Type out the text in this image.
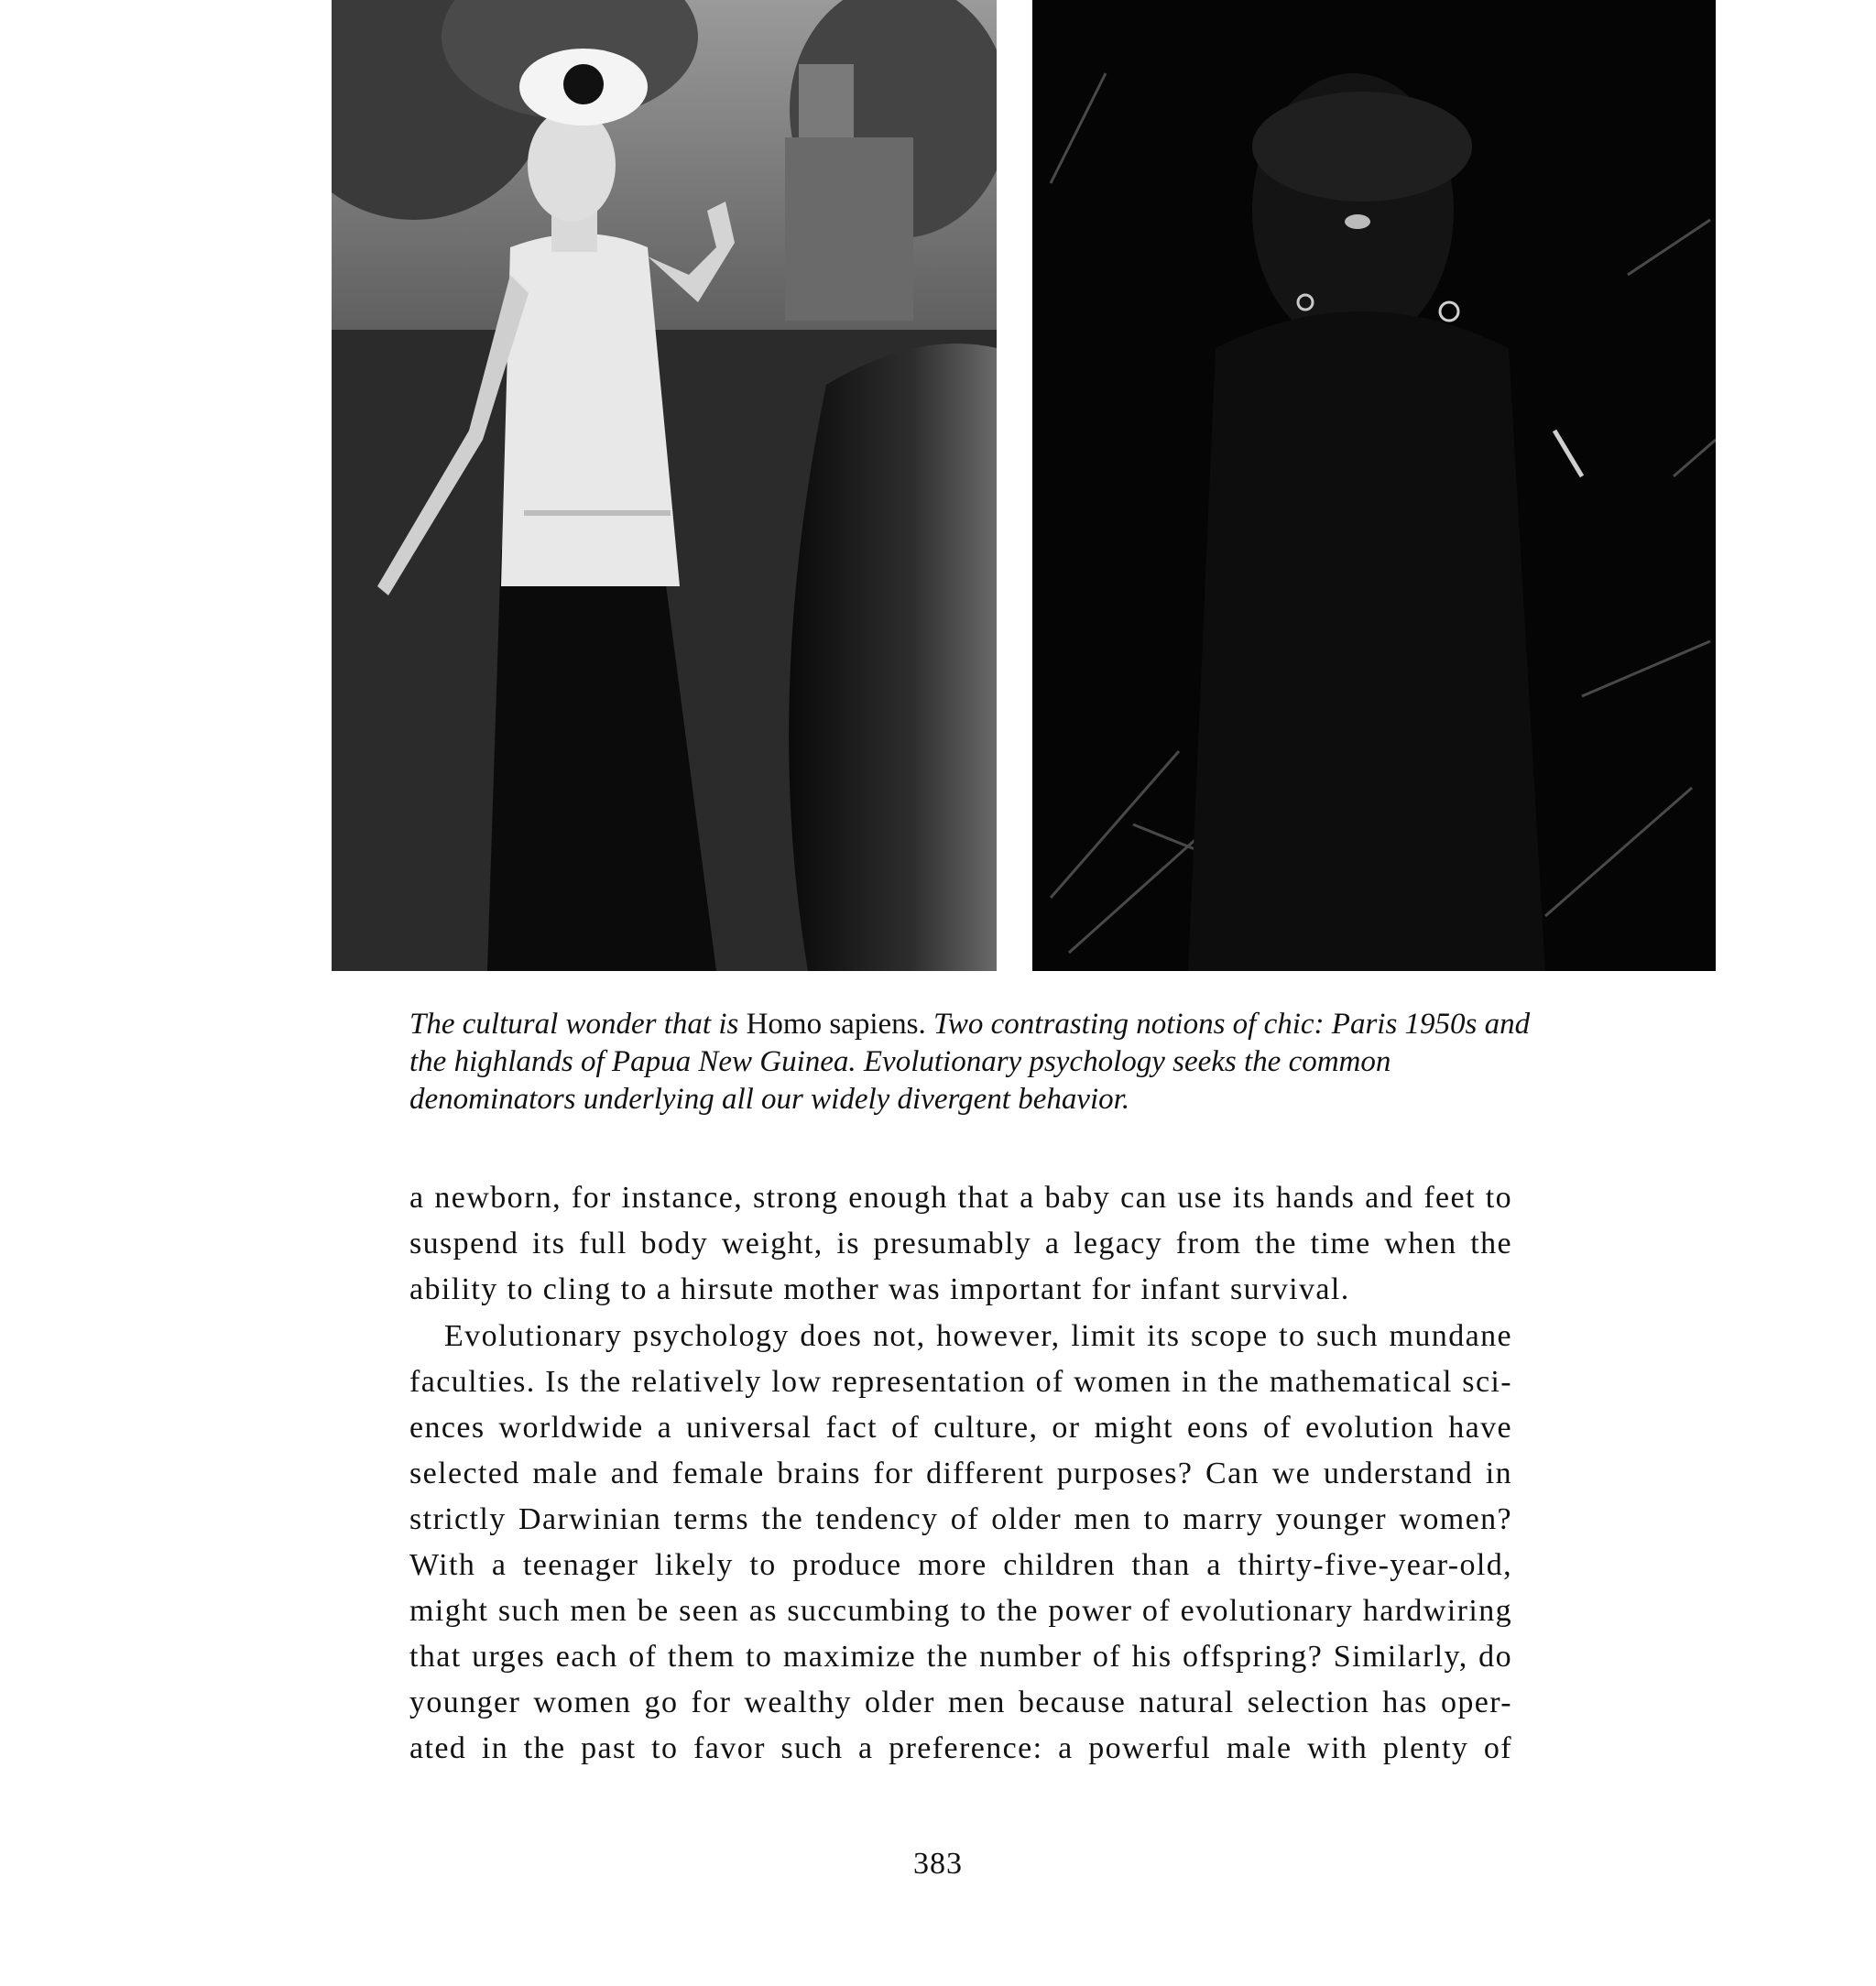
The cultural wonder that is Homo sapiens. Two contrasting notions of chic: Paris 1950s and the highlands of Papua New Guinea. Evolutionary psychology seeks the common denominators underlying all our widely divergent behavior.

a newborn, for instance, strong enough that a baby can use its hands and feet to

suspend its full body weight, is presumably a legacy from the time when the

ability to cling to a hirsute mother was important for infant survival.

Evolutionary psychology does not, however, limit its scope to such mundane

faculties. Is the relatively low representation of women in the mathematical sci-

ences worldwide a universal fact of culture, or might eons of evolution have

selected male and female brains for different purposes? Can we understand in

strictly Darwinian terms the tendency of older men to marry younger women?

With a teenager likely to produce more children than a thirty-five-year-old,

might such men be seen as succumbing to the power of evolutionary hardwiring

that urges each of them to maximize the number of his offspring? Similarly, do

younger women go for wealthy older men because natural selection has oper-

ated in the past to favor such a preference: a powerful male with plenty of

383
